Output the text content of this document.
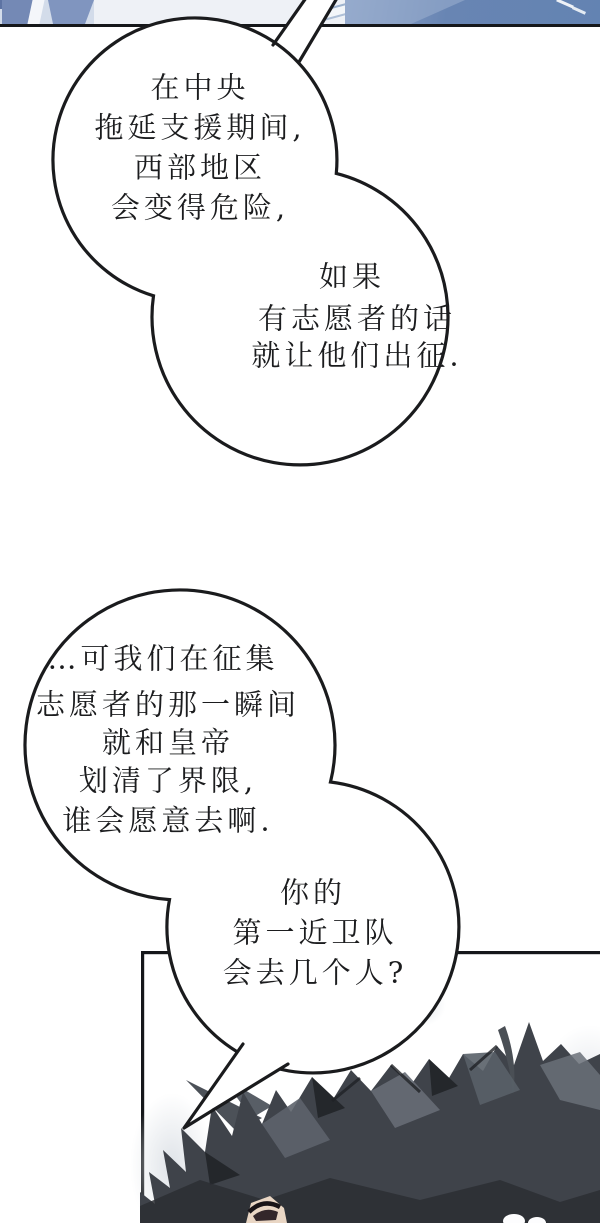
在中央
拖延支援期间,
西部地区
会变得危险,
如果
有志愿者的话
就让他们出征.
…可我们在征集
志愿者的那一瞬间
就和皇帝
划清了界限,
谁会愿意去啊.
你的
第一近卫队
会去几个人?
